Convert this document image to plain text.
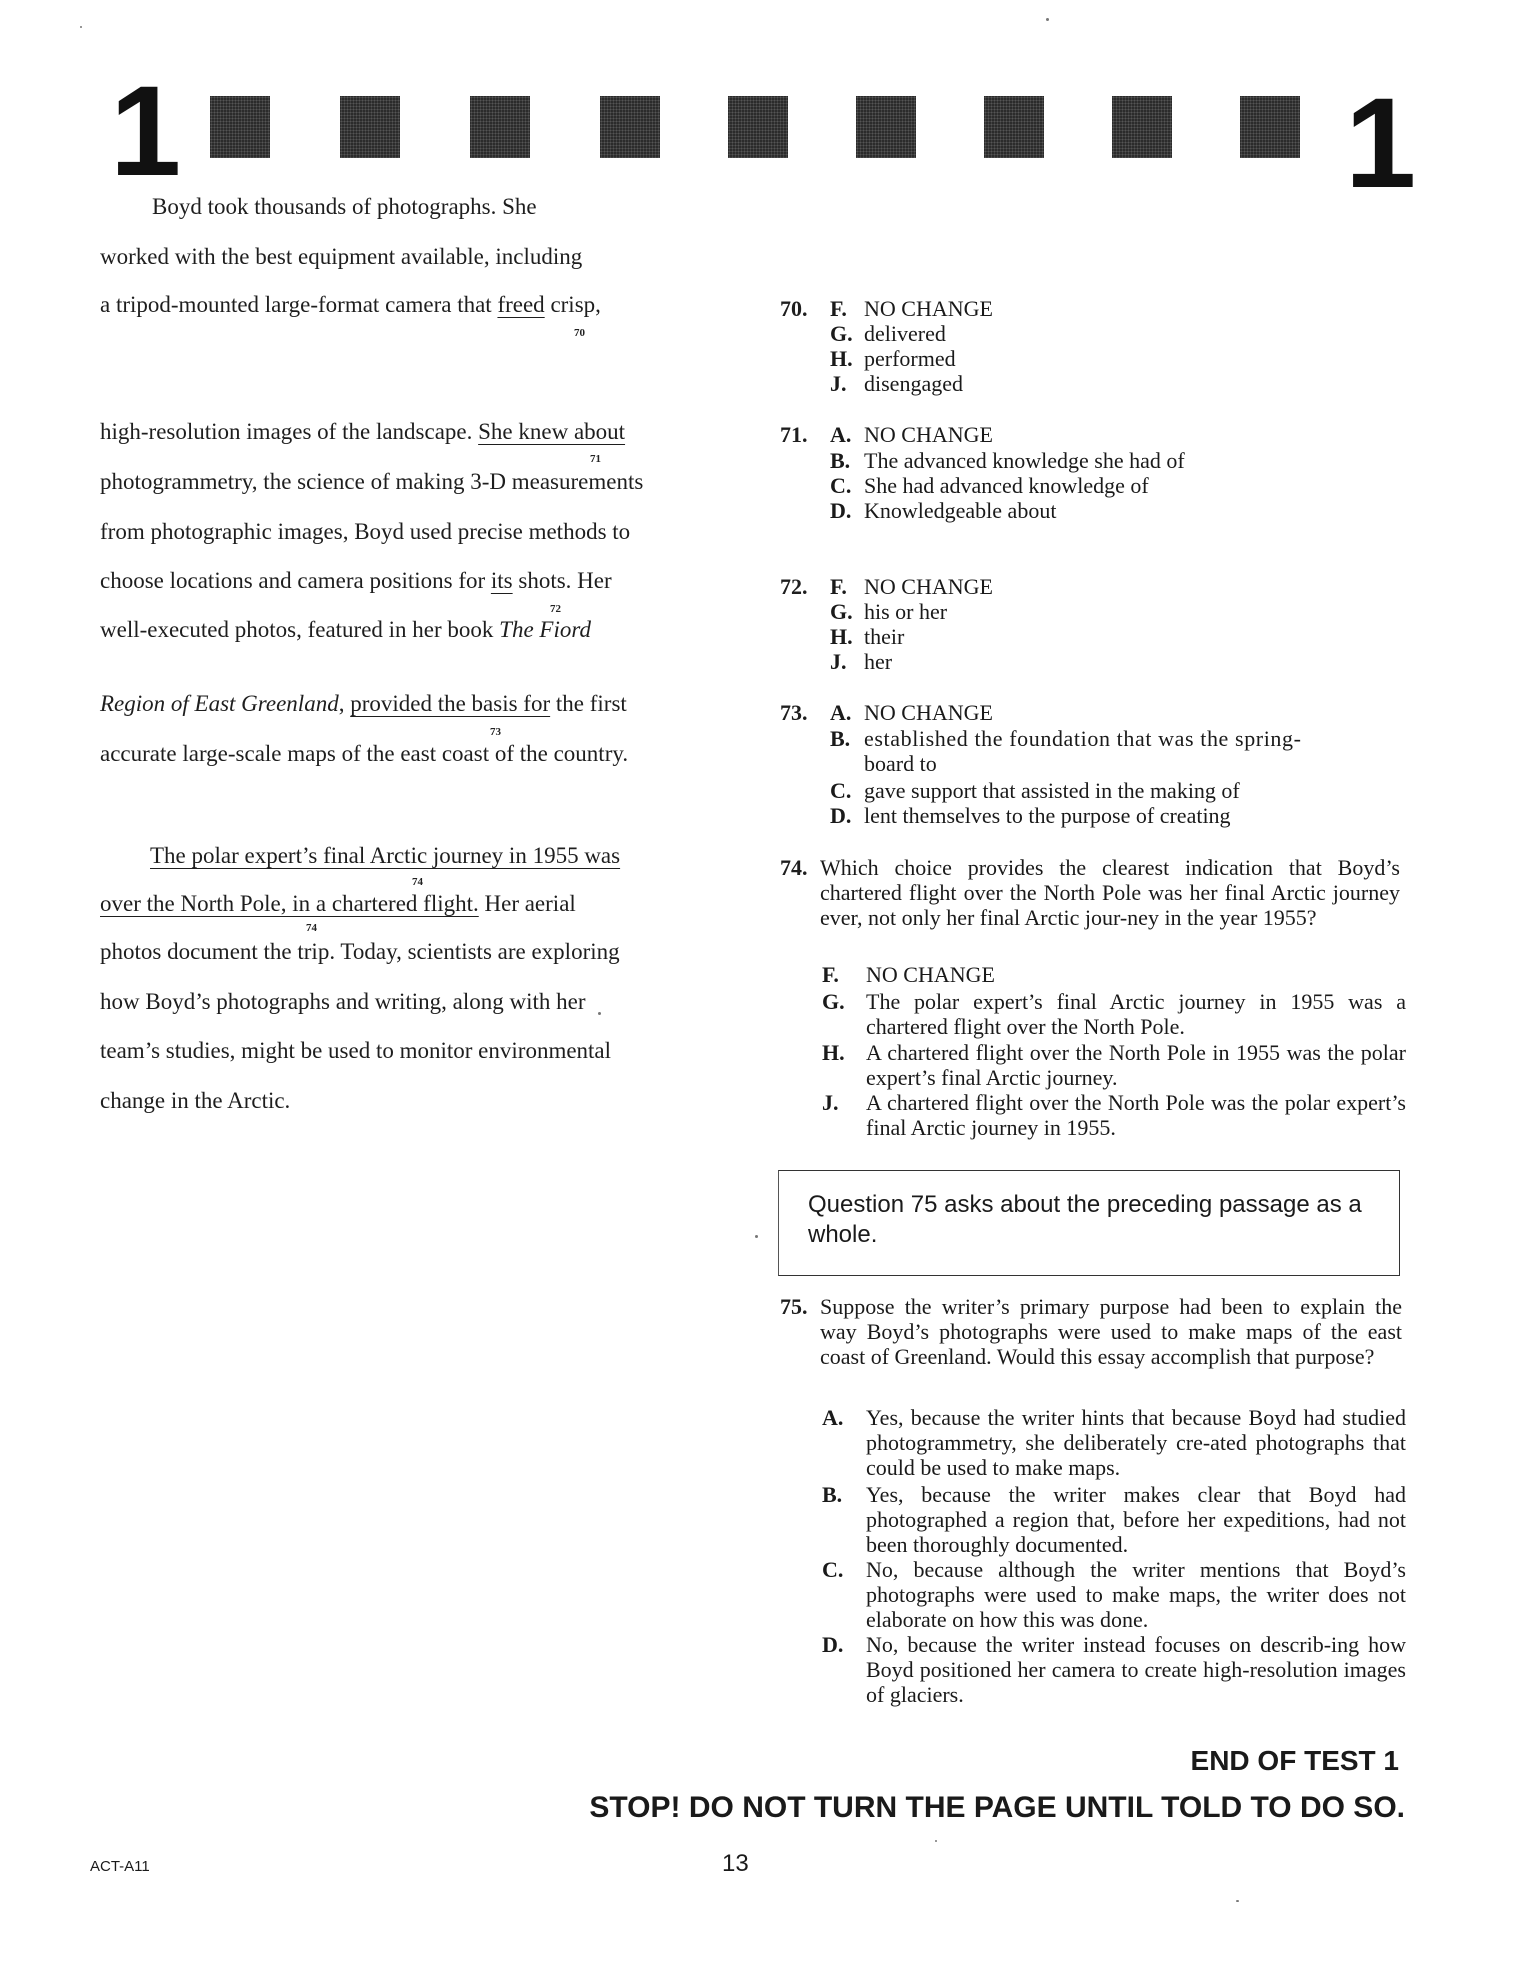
1	1
Boyd took thousands of photographs. She
worked with the best equipment available, including
a tripod-mounted large-format camera that freed crisp,
70
high-resolution images of the landscape. She knew about
71
photogrammetry, the science of making 3-D measurements
from photographic images, Boyd used precise methods to
choose locations and camera positions for its shots. Her
72
well-executed photos, featured in her book The Fiord
Region of East Greenland, provided the basis for the first
73
accurate large-scale maps of the east coast of the country.
The polar expert’s final Arctic journey in 1955 was
74
over the North Pole, in a chartered flight. Her aerial
74
photos document the trip. Today, scientists are exploring
how Boyd’s photographs and writing, along with her
team’s studies, might be used to monitor environmental
change in the Arctic.
70. F. NO CHANGE
G. delivered
H. performed
J. disengaged
71. A. NO CHANGE
B. The advanced knowledge she had of
C. She had advanced knowledge of
D. Knowledgeable about
72. F. NO CHANGE
G. his or her
H. their
J. her
73. A. NO CHANGE
B. established the foundation that was the spring-
board to
C. gave support that assisted in the making of
D. lent themselves to the purpose of creating
74. Which choice provides the clearest indication that Boyd’s chartered flight over the North Pole was her final Arctic journey ever, not only her final Arctic jour-ney in the year 1955?
F. NO CHANGE
G. The polar expert’s final Arctic journey in 1955 was a chartered flight over the North Pole.
H. A chartered flight over the North Pole in 1955 was the polar expert’s final Arctic journey.
J. A chartered flight over the North Pole was the polar expert’s final Arctic journey in 1955.
Question 75 asks about the preceding passage as a whole.
75. Suppose the writer’s primary purpose had been to explain the way Boyd’s photographs were used to make maps of the east coast of Greenland. Would this essay accomplish that purpose?
A. Yes, because the writer hints that because Boyd had studied photogrammetry, she deliberately cre-ated photographs that could be used to make maps.
B. Yes, because the writer makes clear that Boyd had photographed a region that, before her expeditions, had not been thoroughly documented.
C. No, because although the writer mentions that Boyd’s photographs were used to make maps, the writer does not elaborate on how this was done.
D. No, because the writer instead focuses on describ-ing how Boyd positioned her camera to create high-resolution images of glaciers.
END OF TEST 1
STOP! DO NOT TURN THE PAGE UNTIL TOLD TO DO SO.
ACT-A11	13
